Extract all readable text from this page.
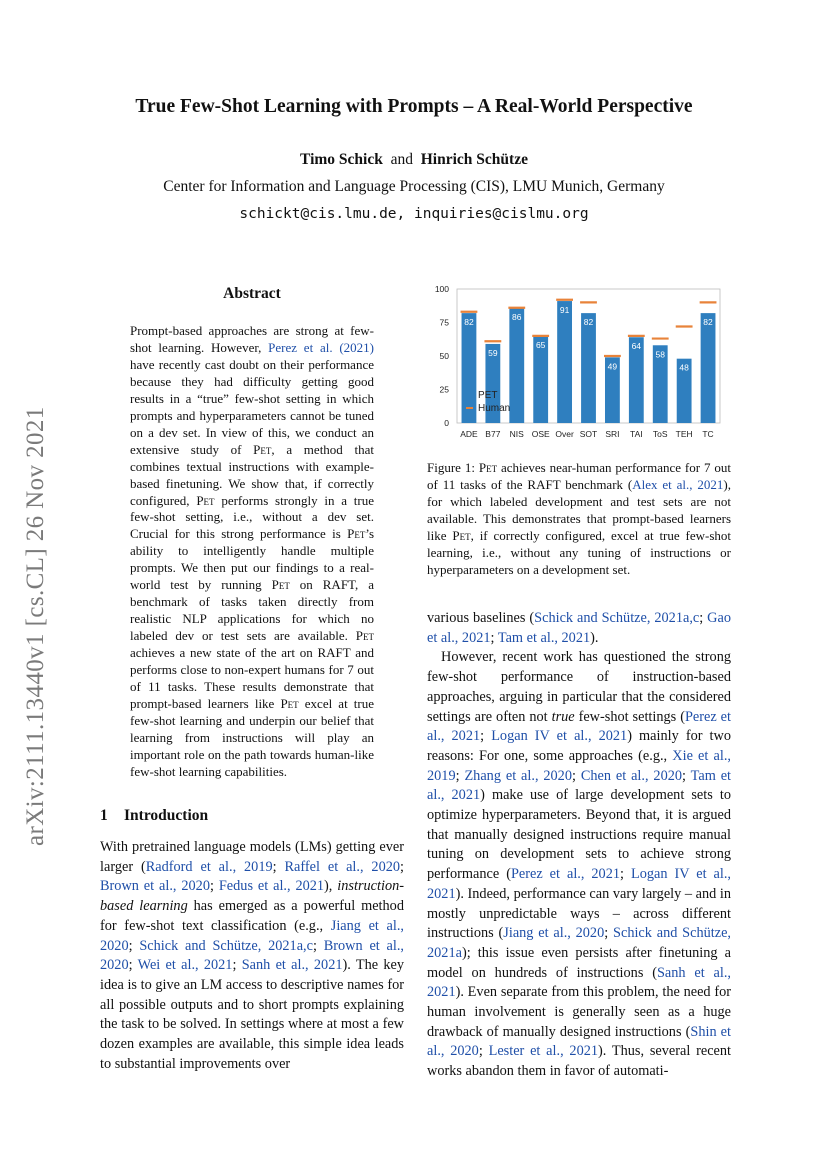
True Few-Shot Learning with Prompts – A Real-World Perspective
Timo Schick and Hinrich Schütze
Center for Information and Language Processing (CIS), LMU Munich, Germany
schickt@cis.lmu.de, inquiries@cislmu.org
arXiv:2111.13440v1 [cs.CL] 26 Nov 2021
Abstract

Prompt-based approaches are strong at few-shot learning. However, Perez et al. (2021) have recently cast doubt on their performance because they had difficulty getting good results in a “true” few-shot setting in which prompts and hyperparameters cannot be tuned on a dev set. In view of this, we conduct an extensive study of Pet, a method that combines textual instructions with example-based finetuning. We show that, if correctly configured, Pet performs strongly in a true few-shot setting, i.e., without a dev set. Crucial for this strong performance is Pet’s ability to intelligently handle multiple prompts. We then put our findings to a real-world test by running Pet on RAFT, a benchmark of tasks taken directly from realistic NLP applications for which no labeled dev or test sets are available. Pet achieves a new state of the art on RAFT and performs close to non-expert humans for 7 out of 11 tasks. These results demonstrate that prompt-based learners like Pet excel at true few-shot learning and underpin our belief that learning from instructions will play an important role on the path towards human-like few-shot learning capabilities.

1 Introduction

With pretrained language models (LMs) getting ever larger (Radford et al., 2019; Raffel et al., 2020; Brown et al., 2020; Fedus et al., 2021), instruction-based learning has emerged as a powerful method for few-shot text classification (e.g., Jiang et al., 2020; Schick and Schütze, 2021a,c; Brown et al., 2020; Wei et al., 2021; Sanh et al., 2021). The key idea is to give an LM access to descriptive names for all possible outputs and to short prompts explaining the task to be solved. In settings where at most a few dozen examples are available, this simple idea leads to substantial improvements over

0
25
50
75
100
82
ADE
59
B77
86
NIS
65
OSE
91
Over
82
SOT
49
SRI
64
TAI
58
ToS
48
TEH
82
TC
PET
Human
Figure 1: Pet achieves near-human performance for 7 out of 11 tasks of the RAFT benchmark (Alex et al., 2021), for which labeled development and test sets are not available. This demonstrates that prompt-based learners like Pet, if correctly configured, excel at true few-shot learning, i.e., without any tuning of instructions or hyperparameters on a development set.

various baselines (Schick and Schütze, 2021a,c; Gao et al., 2021; Tam et al., 2021).

However, recent work has questioned the strong few-shot performance of instruction-based approaches, arguing in particular that the considered settings are often not true few-shot settings (Perez et al., 2021; Logan IV et al., 2021) mainly for two reasons: For one, some approaches (e.g., Xie et al., 2019; Zhang et al., 2020; Chen et al., 2020; Tam et al., 2021) make use of large development sets to optimize hyperparameters. Beyond that, it is argued that manually designed instructions require manual tuning on development sets to achieve strong performance (Perez et al., 2021; Logan IV et al., 2021). Indeed, performance can vary largely – and in mostly unpredictable ways – across different instructions (Jiang et al., 2020; Schick and Schütze, 2021a); this issue even persists after finetuning a model on hundreds of instructions (Sanh et al., 2021). Even separate from this problem, the need for human involvement is generally seen as a huge drawback of manually designed instructions (Shin et al., 2020; Lester et al., 2021). Thus, several recent works abandon them in favor of automati-
